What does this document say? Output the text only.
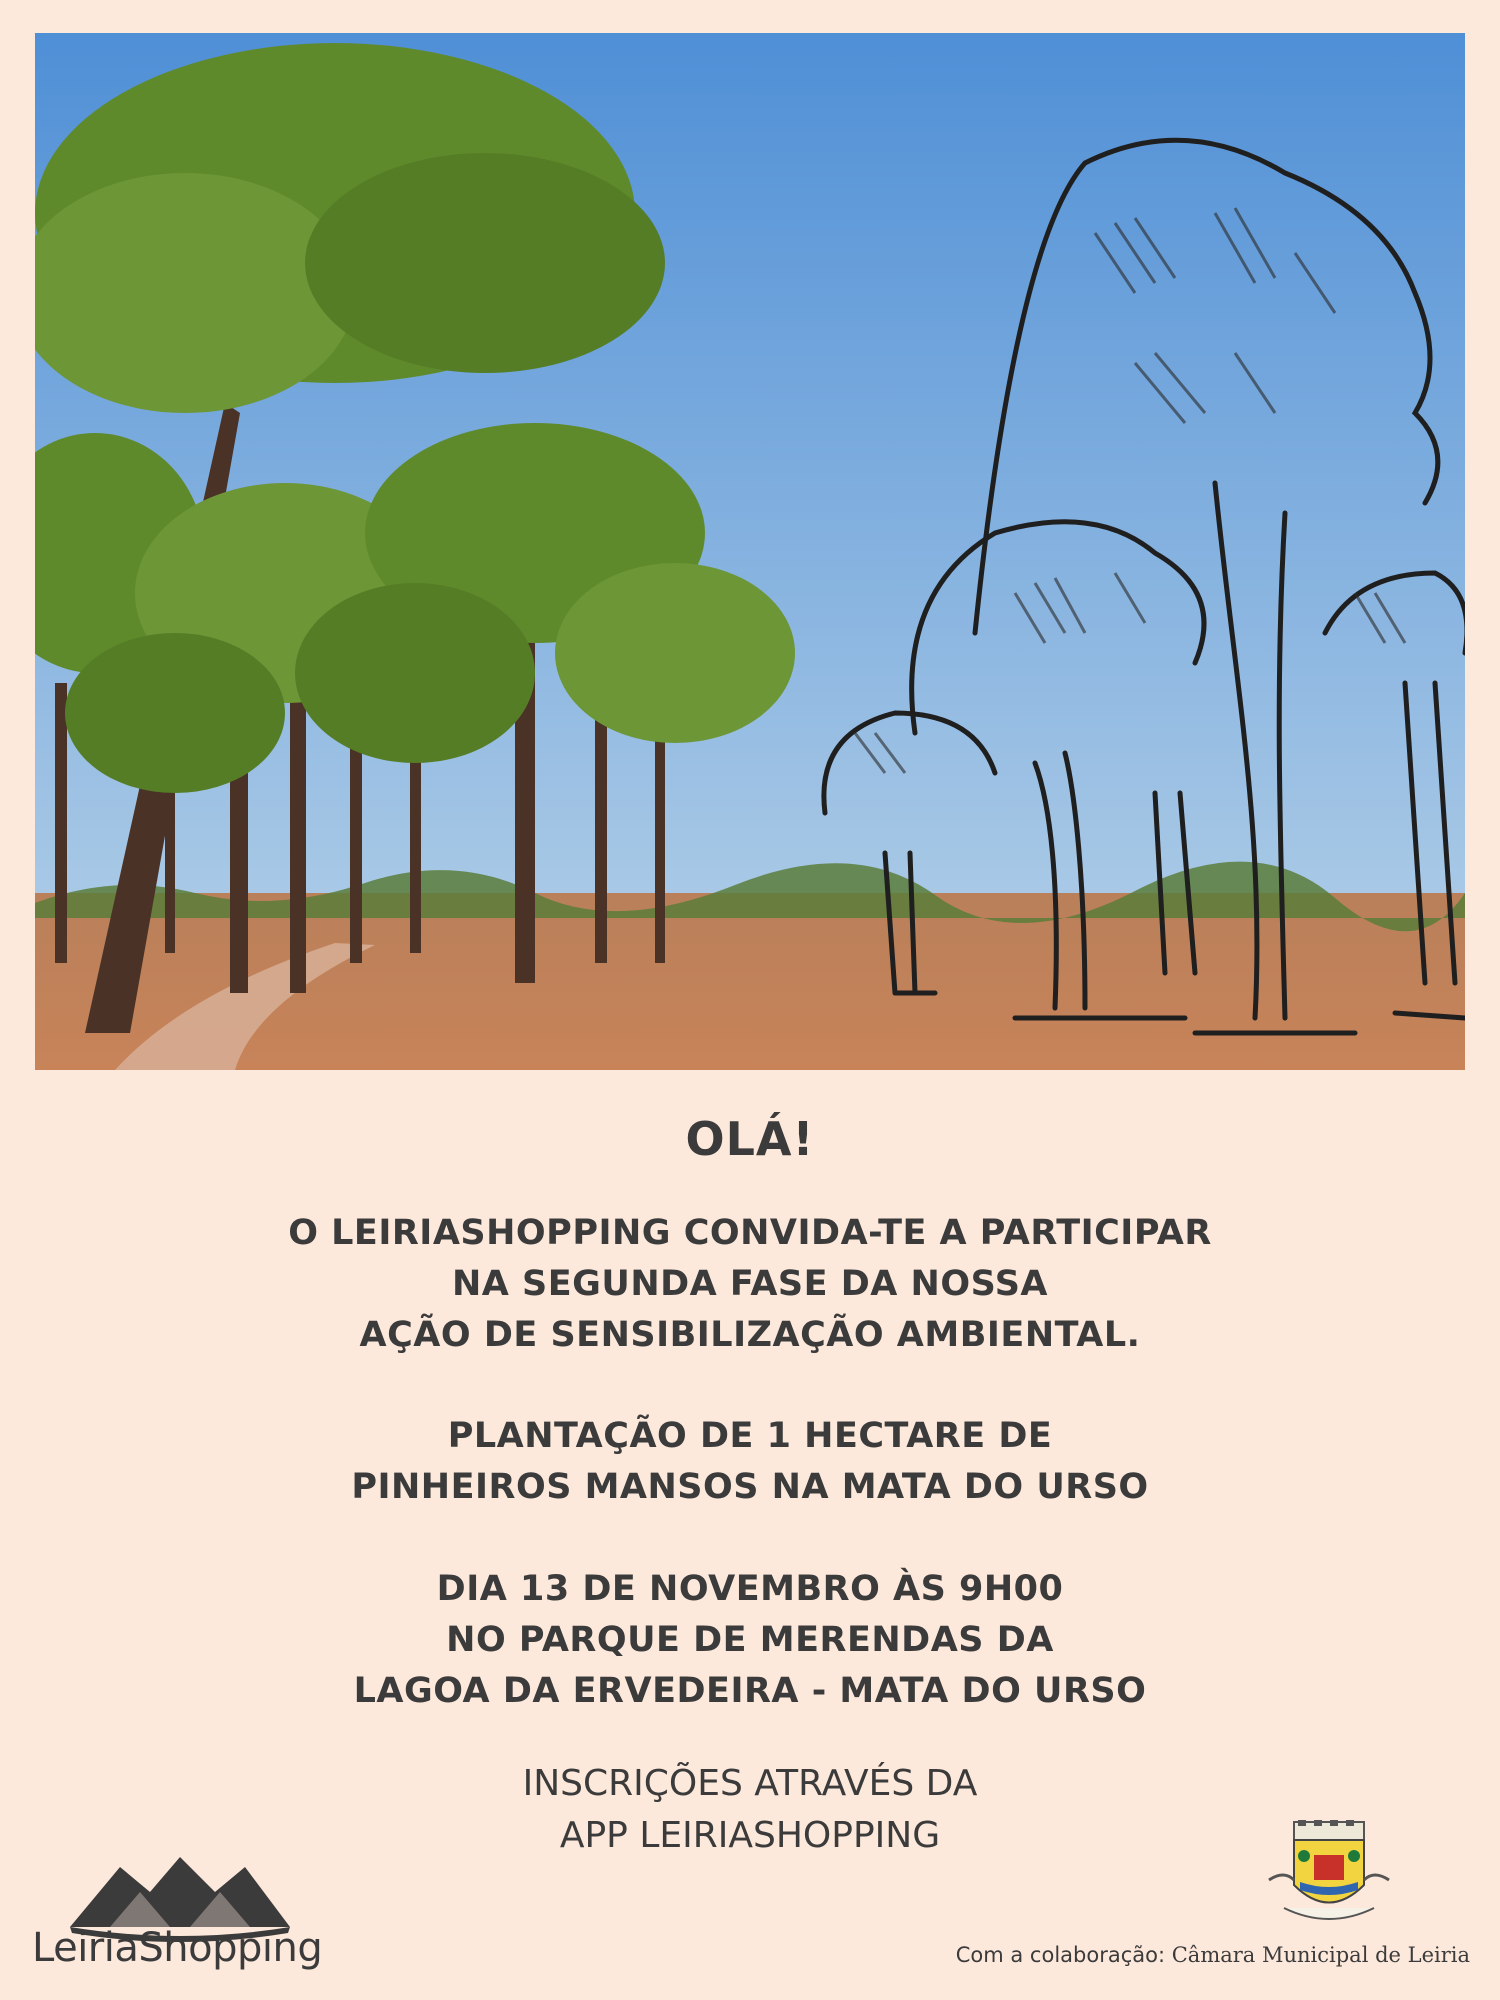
OLÁ!
O LEIRIASHOPPING CONVIDA-TE A PARTICIPAR
NA SEGUNDA FASE DA NOSSA
AÇÃO DE SENSIBILIZAÇÃO AMBIENTAL.
PLANTAÇÃO DE 1 HECTARE DE
PINHEIROS MANSOS NA MATA DO URSO
DIA 13 DE NOVEMBRO ÀS 9H00
NO PARQUE DE MERENDAS DA
LAGOA DA ERVEDEIRA - MATA DO URSO
INSCRIÇÕES ATRAVÉS DA
APP LEIRIASHOPPING
LeiriaShopping	Com a colaboração: Câmara Municipal de Leiria
